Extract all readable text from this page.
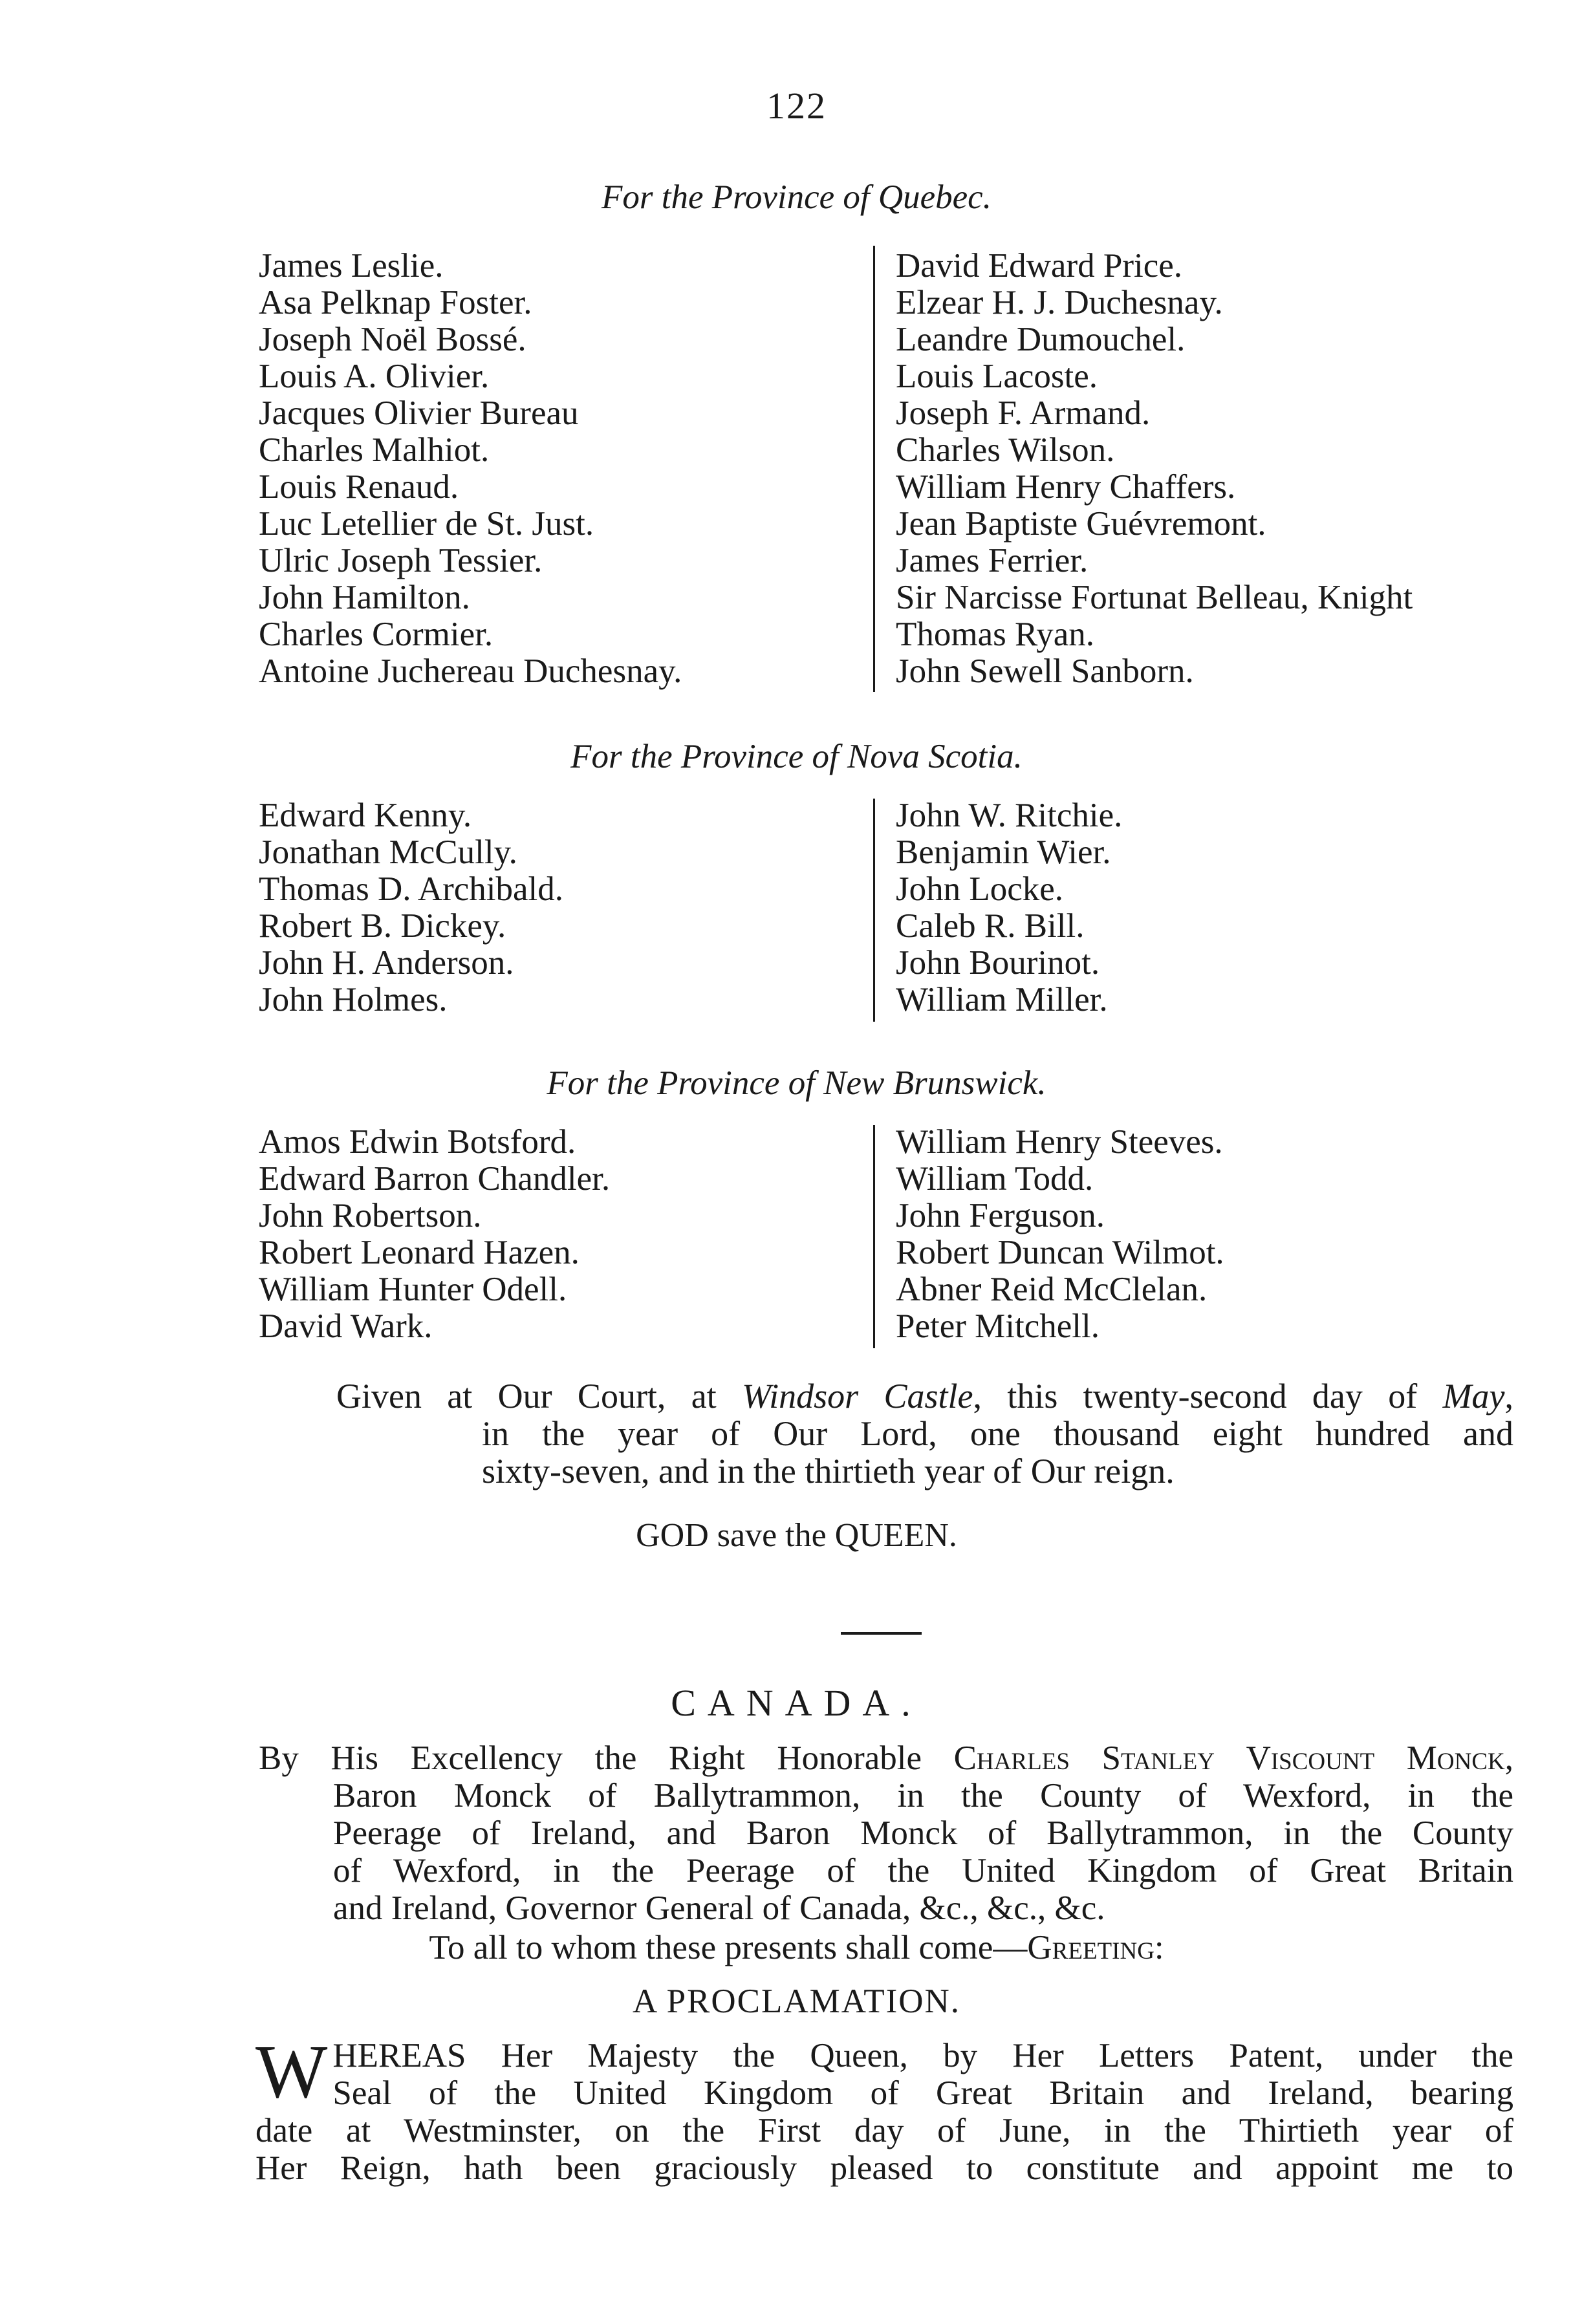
122
For the Province of Quebec.
James Leslie.
Asa Pelknap Foster.
Joseph Noël Bossé.
Louis A. Olivier.
Jacques Olivier Bureau
Charles Malhiot.
Louis Renaud.
Luc Letellier de St. Just.
Ulric Joseph Tessier.
John Hamilton.
Charles Cormier.
Antoine Juchereau Duchesnay.
David Edward Price.
Elzear H. J. Duchesnay.
Leandre Dumouchel.
Louis Lacoste.
Joseph F. Armand.
Charles Wilson.
William Henry Chaffers.
Jean Baptiste Guévremont.
James Ferrier.
Sir Narcisse Fortunat Belleau, Knight
Thomas Ryan.
John Sewell Sanborn.
For the Province of Nova Scotia.
Edward Kenny.
Jonathan McCully.
Thomas D. Archibald.
Robert B. Dickey.
John H. Anderson.
John Holmes.
John W. Ritchie.
Benjamin Wier.
John Locke.
Caleb R. Bill.
John Bourinot.
William Miller.
For the Province of New Brunswick.
Amos Edwin Botsford.
Edward Barron Chandler.
John Robertson.
Robert Leonard Hazen.
William Hunter Odell.
David Wark.
William Henry Steeves.
William Todd.
John Ferguson.
Robert Duncan Wilmot.
Abner Reid McClelan.
Peter Mitchell.
Given at Our Court, at Windsor Castle, this twenty-second day of May,
in the year of Our Lord, one thousand eight hundred and
sixty-seven, and in the thirtieth year of Our reign.
GOD save the QUEEN.
CANADA.
By His Excellency the Right Honorable Charles Stanley Viscount Monck,
Baron Monck of Ballytrammon, in the County of Wexford, in the
Peerage of Ireland, and Baron Monck of Ballytrammon, in the County
of Wexford, in the Peerage of the United Kingdom of Great Britain
and Ireland, Governor General of Canada, &c., &c., &c.
To all to whom these presents shall come—Greeting:
A PROCLAMATION.
W HEREAS Her Majesty the Queen, by Her Letters Patent, under the
Seal of the United Kingdom of Great Britain and Ireland, bearing
date at Westminster, on the First day of June, in the Thirtieth year of
Her Reign, hath been graciously pleased to constitute and appoint me to
